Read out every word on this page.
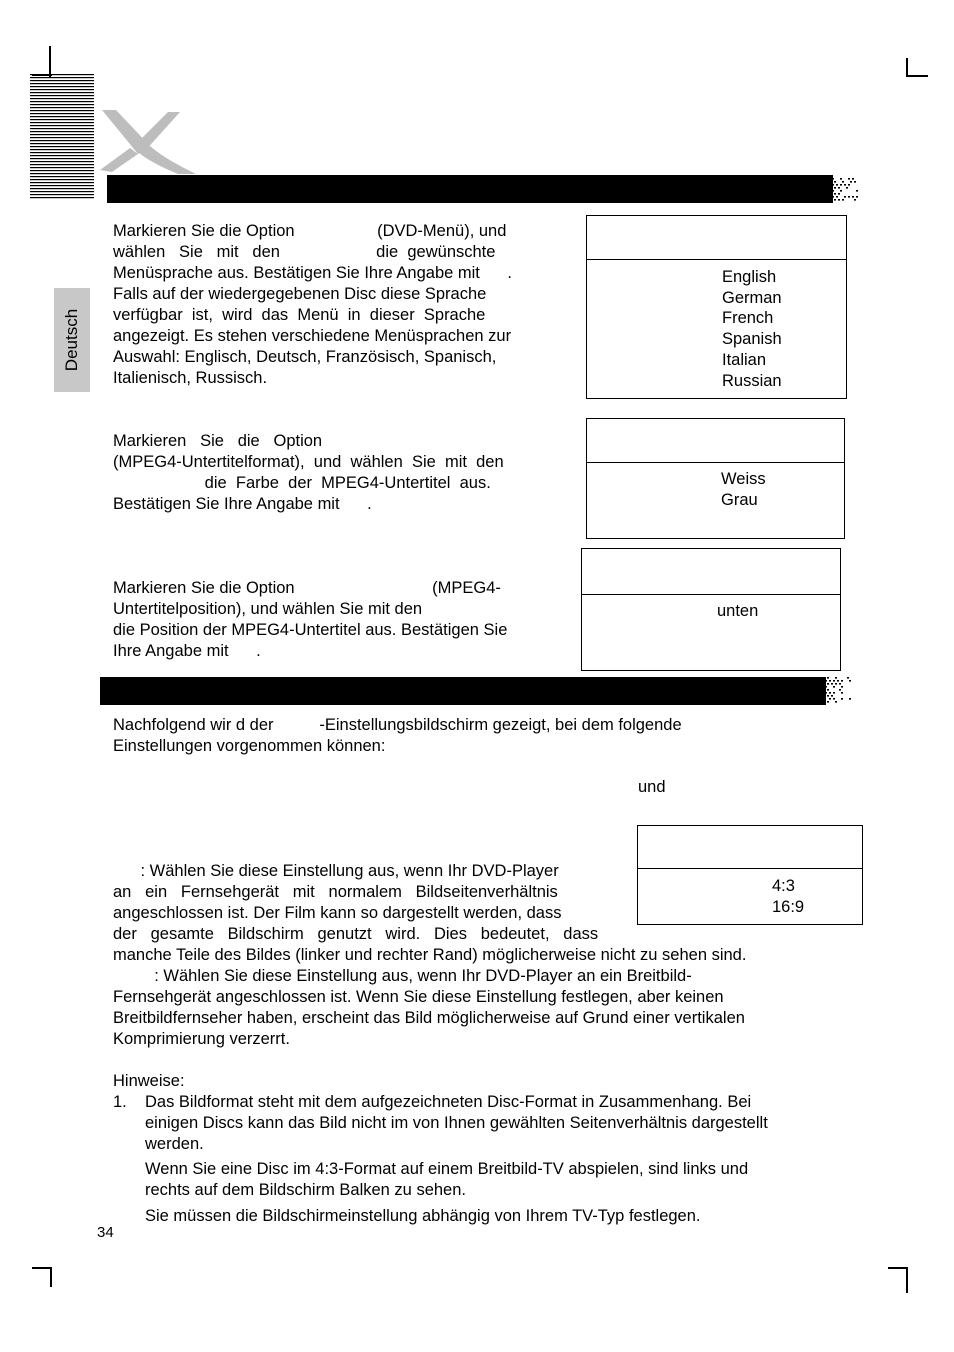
Deutsch
Markieren Sie die Option                  (DVD-Menü), und
wählen   Sie   mit   den                     die  gewünschte
Menüsprache aus. Bestätigen Sie Ihre Angabe mit      .
Falls auf der wiedergegebenen Disc diese Sprache
verfügbar  ist,  wird  das  Menü  in  dieser  Sprache
angezeigt. Es stehen verschiedene Menüsprachen zur
Auswahl: Englisch, Deutsch, Französisch, Spanisch,
Italienisch, Russisch.
English
German
French
Spanish
Italian
Russian
Markieren   Sie   die   Option
(MPEG4-Untertitelformat),  und  wählen  Sie  mit  den
die  Farbe  der  MPEG4-Untertitel  aus.
Bestätigen Sie Ihre Angabe mit      .
Weiss
Grau
Markieren Sie die Option                              (MPEG4-
Untertitelposition), und wählen Sie mit den
die Position der MPEG4-Untertitel aus. Bestätigen Sie
Ihre Angabe mit      .
unten
Nachfolgend wir d der          -Einstellungsbildschirm gezeigt, bei dem folgende
Einstellungen vorgenommen können:
und
4:3
16:9
: Wählen Sie diese Einstellung aus, wenn Ihr DVD-Player
an   ein   Fernsehgerät   mit   normalem   Bildseitenverhältnis
angeschlossen ist. Der Film kann so dargestellt werden, dass
der   gesamte   Bildschirm   genutzt   wird.   Dies   bedeutet,   dass
manche Teile des Bildes (linker und rechter Rand) möglicherweise nicht zu sehen sind.
: Wählen Sie diese Einstellung aus, wenn Ihr DVD-Player an ein Breitbild-
Fernsehgerät angeschlossen ist. Wenn Sie diese Einstellung festlegen, aber keinen
Breitbildfernseher haben, erscheint das Bild möglicherweise auf Grund einer vertikalen
Komprimierung verzerrt.
Hinweise:
1. Das Bildformat steht mit dem aufgezeichneten Disc-Format in Zusammenhang. Bei
einigen Discs kann das Bild nicht im von Ihnen gewählten Seitenverhältnis dargestellt
werden.
Wenn Sie eine Disc im 4:3-Format auf einem Breitbild-TV abspielen, sind links und
rechts auf dem Bildschirm Balken zu sehen.
Sie müssen die Bildschirmeinstellung abhängig von Ihrem TV-Typ festlegen.
34
